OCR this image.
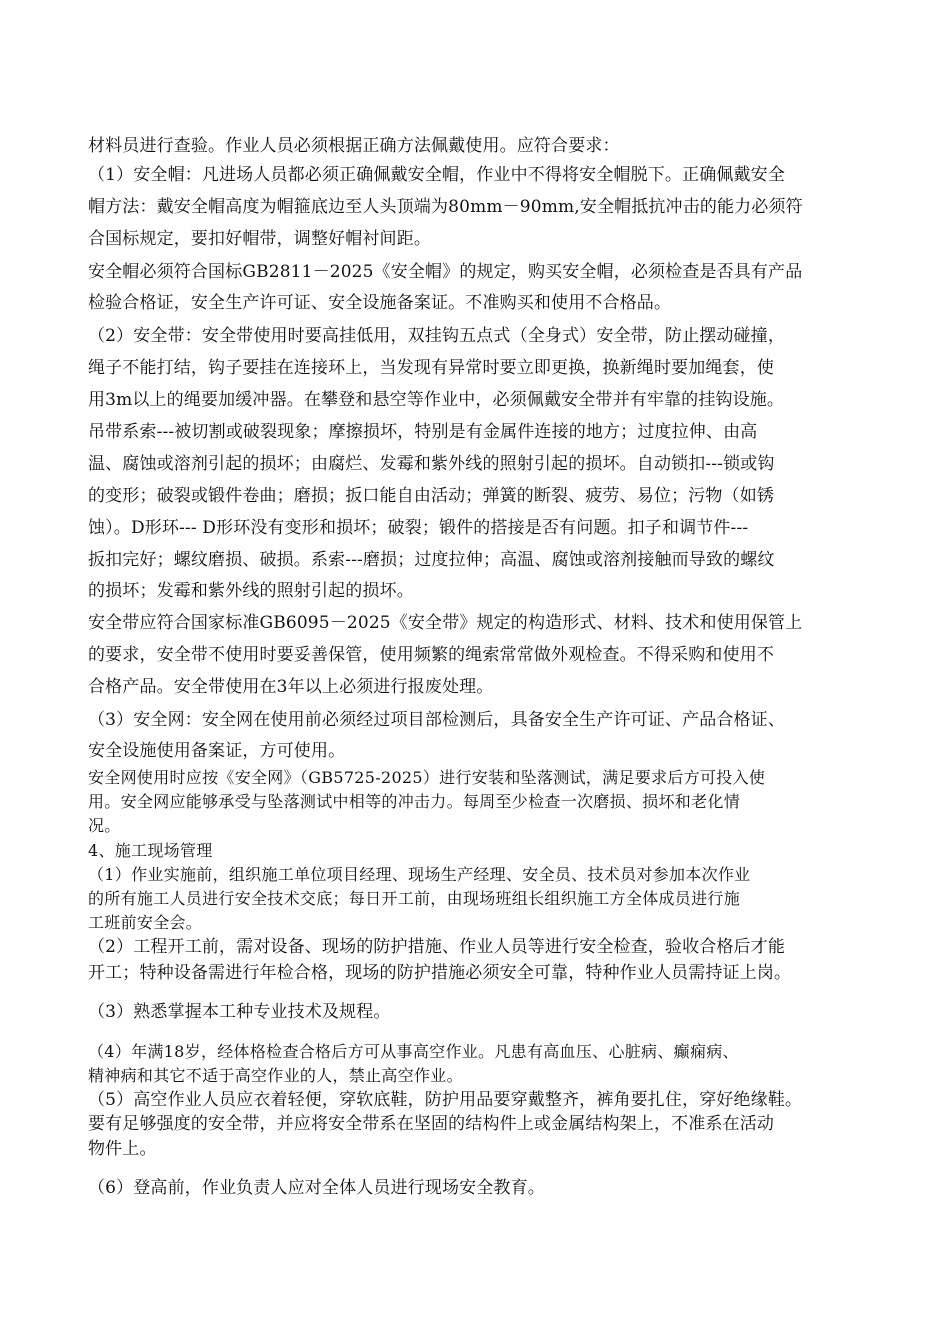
材料员进行查验。作业人员必须根据正确方法佩戴使用。应符合要求：
（1）安全帽：凡进场人员都必须正确佩戴安全帽，作业中不得将安全帽脱下。正确佩戴安全
帽方法：戴安全帽高度为帽箍底边至人头顶端为80mm－90mm,安全帽抵抗冲击的能力必须符
合国标规定，要扣好帽带，调整好帽衬间距。
安全帽必须符合国标GB2811－2025《安全帽》的规定，购买安全帽，必须检查是否具有产品
检验合格证，安全生产许可证、安全设施备案证。不准购买和使用不合格品。
（2）安全带：安全带使用时要高挂低用，双挂钩五点式（全身式）安全带，防止摆动碰撞，
绳子不能打结，钩子要挂在连接环上，当发现有异常时要立即更换，换新绳时要加绳套，使
用3m以上的绳要加缓冲器。在攀登和悬空等作业中，必须佩戴安全带并有牢靠的挂钩设施。
吊带系索---被切割或破裂现象；摩擦损坏，特别是有金属件连接的地方；过度拉伸、由高
温、腐蚀或溶剂引起的损坏；由腐烂、发霉和紫外线的照射引起的损坏。自动锁扣---锁或钩
的变形；破裂或锻件卷曲；磨损；扳口能自由活动；弹簧的断裂、疲劳、易位；污物（如锈
蚀）。D形环--- D形环没有变形和损坏；破裂；锻件的搭接是否有问题。扣子和调节件---
扳扣完好；螺纹磨损、破损。系索---磨损；过度拉伸；高温、腐蚀或溶剂接触而导致的螺纹
的损坏；发霉和紫外线的照射引起的损坏。
安全带应符合国家标准GB6095－2025《安全带》规定的构造形式、材料、技术和使用保管上
的要求，安全带不使用时要妥善保管，使用频繁的绳索常常做外观检查。不得采购和使用不
合格产品。安全带使用在3年以上必须进行报废处理。
（3）安全网：安全网在使用前必须经过项目部检测后，具备安全生产许可证、产品合格证、
安全设施使用备案证，方可使用。
安全网使用时应按《安全网》（GB5725-2025）进行安装和坠落测试，满足要求后方可投入使
用。安全网应能够承受与坠落测试中相等的冲击力。每周至少检查一次磨损、损坏和老化情
况。
4、施工现场管理
（1）作业实施前，组织施工单位项目经理、现场生产经理、安全员、技术员对参加本次作业
的所有施工人员进行安全技术交底；每日开工前，由现场班组长组织施工方全体成员进行施
工班前安全会。
（2）工程开工前，需对设备、现场的防护措施、作业人员等进行安全检查，验收合格后才能
开工；特种设备需进行年检合格，现场的防护措施必须安全可靠，特种作业人员需持证上岗。
（3）熟悉掌握本工种专业技术及规程。
（4）年满18岁，经体格检查合格后方可从事高空作业。凡患有高血压、心脏病、癫痫病、
精神病和其它不适于高空作业的人，禁止高空作业。
（5）高空作业人员应衣着轻便，穿软底鞋，防护用品要穿戴整齐，裤角要扎住，穿好绝缘鞋。
要有足够强度的安全带，并应将安全带系在坚固的结构件上或金属结构架上，不准系在活动
物件上。
（6）登高前，作业负责人应对全体人员进行现场安全教育。
